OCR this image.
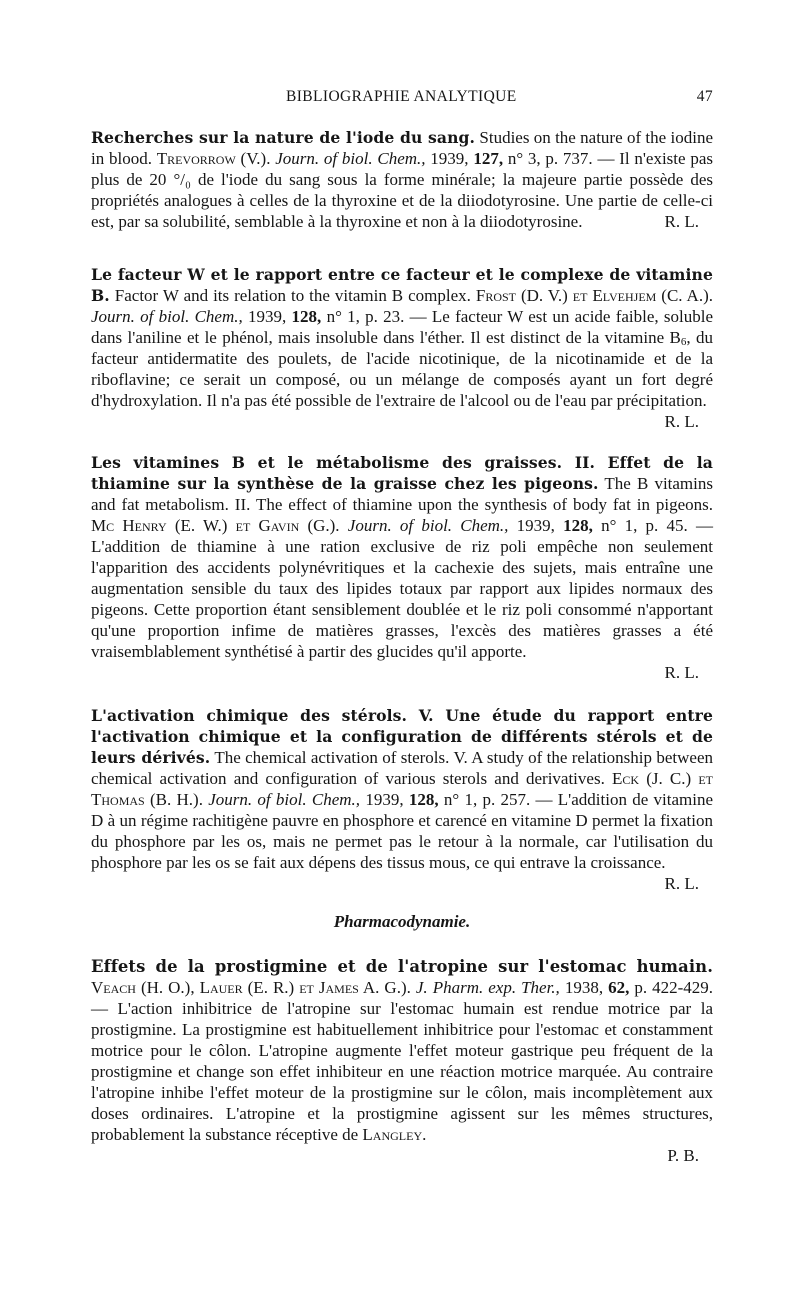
BIBLIOGRAPHIE ANALYTIQUE	47

Recherches sur la nature de l'iode du sang. Studies on the nature of the iodine in blood. Trevorrow (V.). Journ. of biol. Chem., 1939, 127, n° 3, p. 737. — Il n'existe pas plus de 20 °/₀ de l'iode du sang sous la forme minérale; la majeure partie possède des propriétés analogues à celles de la thyroxine et de la diiodotyrosine. Une partie de celle-ci est, par sa solubilité, semblable à la thyroxine et non à la diiodotyrosine.	R. L.

Le facteur W et le rapport entre ce facteur et le complexe de vitamine B. Factor W and its relation to the vitamin B complex. Frost (D. V.) et Elvehjem (C. A.). Journ. of biol. Chem., 1939, 128, n° 1, p. 23. — Le facteur W est un acide faible, soluble dans l'aniline et le phénol, mais insoluble dans l'éther. Il est distinct de la vitamine $B_6$, du facteur antidermatite des poulets, de l'acide nicotinique, de la nicotinamide et de la riboflavine; ce serait un composé, ou un mélange de composés ayant un fort degré d'hydroxylation. Il n'a pas été possible de l'extraire de l'alcool ou de l'eau par précipitation.
R. L.

Les vitamines B et le métabolisme des graisses. II. Effet de la thiamine sur la synthèse de la graisse chez les pigeons. The B vitamins and fat metabolism. II. The effect of thiamine upon the synthesis of body fat in pigeons. Mc Henry (E. W.) et Gavin (G.). Journ. of biol. Chem., 1939, 128, n° 1, p. 45. — L'addition de thiamine à une ration exclusive de riz poli empêche non seulement l'apparition des accidents polynévritiques et la cachexie des sujets, mais entraîne une augmentation sensible du taux des lipides totaux par rapport aux lipides normaux des pigeons. Cette proportion étant sensiblement doublée et le riz poli consommé n'apportant qu'une proportion infime de matières grasses, l'excès des matières grasses a été vraisemblablement synthétisé à partir des glucides qu'il apporte.

R. L.

L'activation chimique des stérols. V. Une étude du rapport entre l'activation chimique et la configuration de différents stérols et de leurs dérivés. The chemical activation of sterols. V. A study of the relationship between chemical activation and configuration of various sterols and derivatives. Eck (J. C.) et Thomas (B. H.). Journ. of biol. Chem., 1939, 128, n° 1, p. 257. — L'addition de vitamine D à un régime rachitigène pauvre en phosphore et carencé en vitamine D permet la fixation du phosphore par les os, mais ne permet pas le retour à la normale, car l'utilisation du phosphore par les os se fait aux dépens des tissus mous, ce qui entrave la croissance.
R. L.

Pharmacodynamie.

Effets de la prostigmine et de l'atropine sur l'estomac humain. Veach (H. O.), Lauer (E. R.) et James A. G.). J. Pharm. exp. Ther., 1938, 62, p. 422-429. — L'action inhibitrice de l'atropine sur l'estomac humain est rendue motrice par la prostigmine. La prostigmine est habituellement inhibitrice pour l'estomac et constamment motrice pour le côlon. L'atropine augmente l'effet moteur gastrique peu fréquent de la prostigmine et change son effet inhibiteur en une réaction motrice marquée. Au contraire l'atropine inhibe l'effet moteur de la prostigmine sur le côlon, mais incomplètement aux doses ordinaires. L'atropine et la prostigmine agissent sur les mêmes structures, probablement la substance réceptive de Langley.

P. B.
